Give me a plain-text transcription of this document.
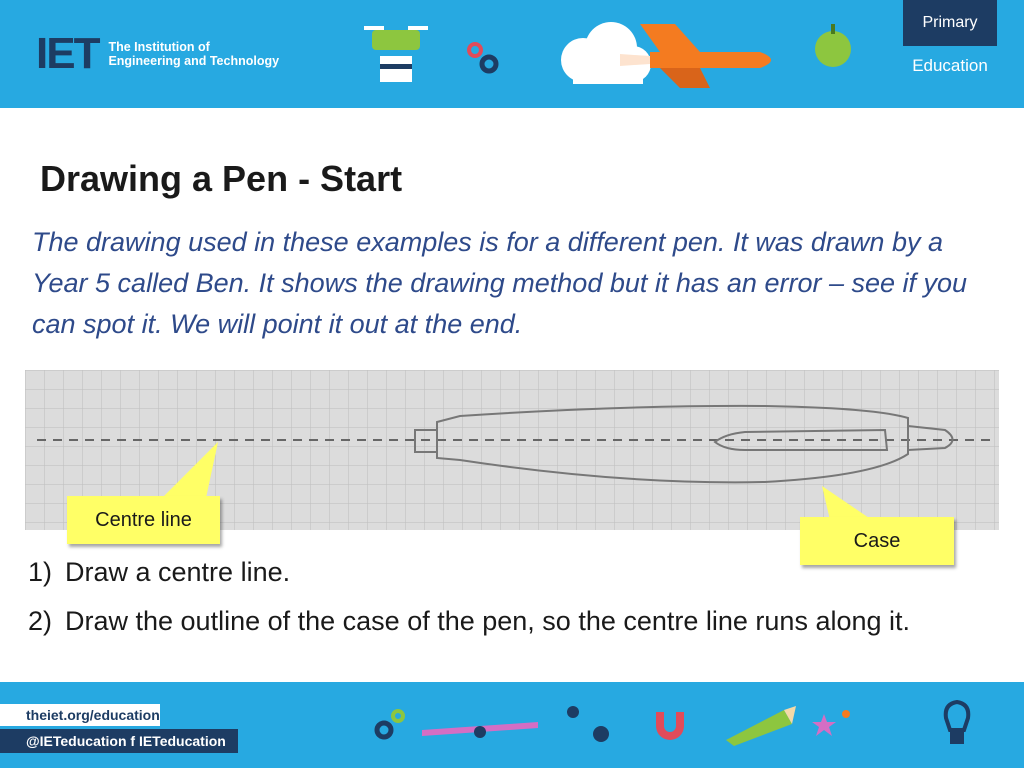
IET The Institution of
Engineering and Technology
Primary
Education
Drawing a Pen - Start
The drawing used in these examples is for a different pen. It was drawn by a Year 5 called Ben. It shows the drawing method but it has an error – see if you can spot it. We will point it out at the end.
Centre line
Case
1) Draw a centre line.
2) Draw the outline of the case of the pen, so the centre line runs along it.
theiet.org/education
@IETeducation f IETeducation
